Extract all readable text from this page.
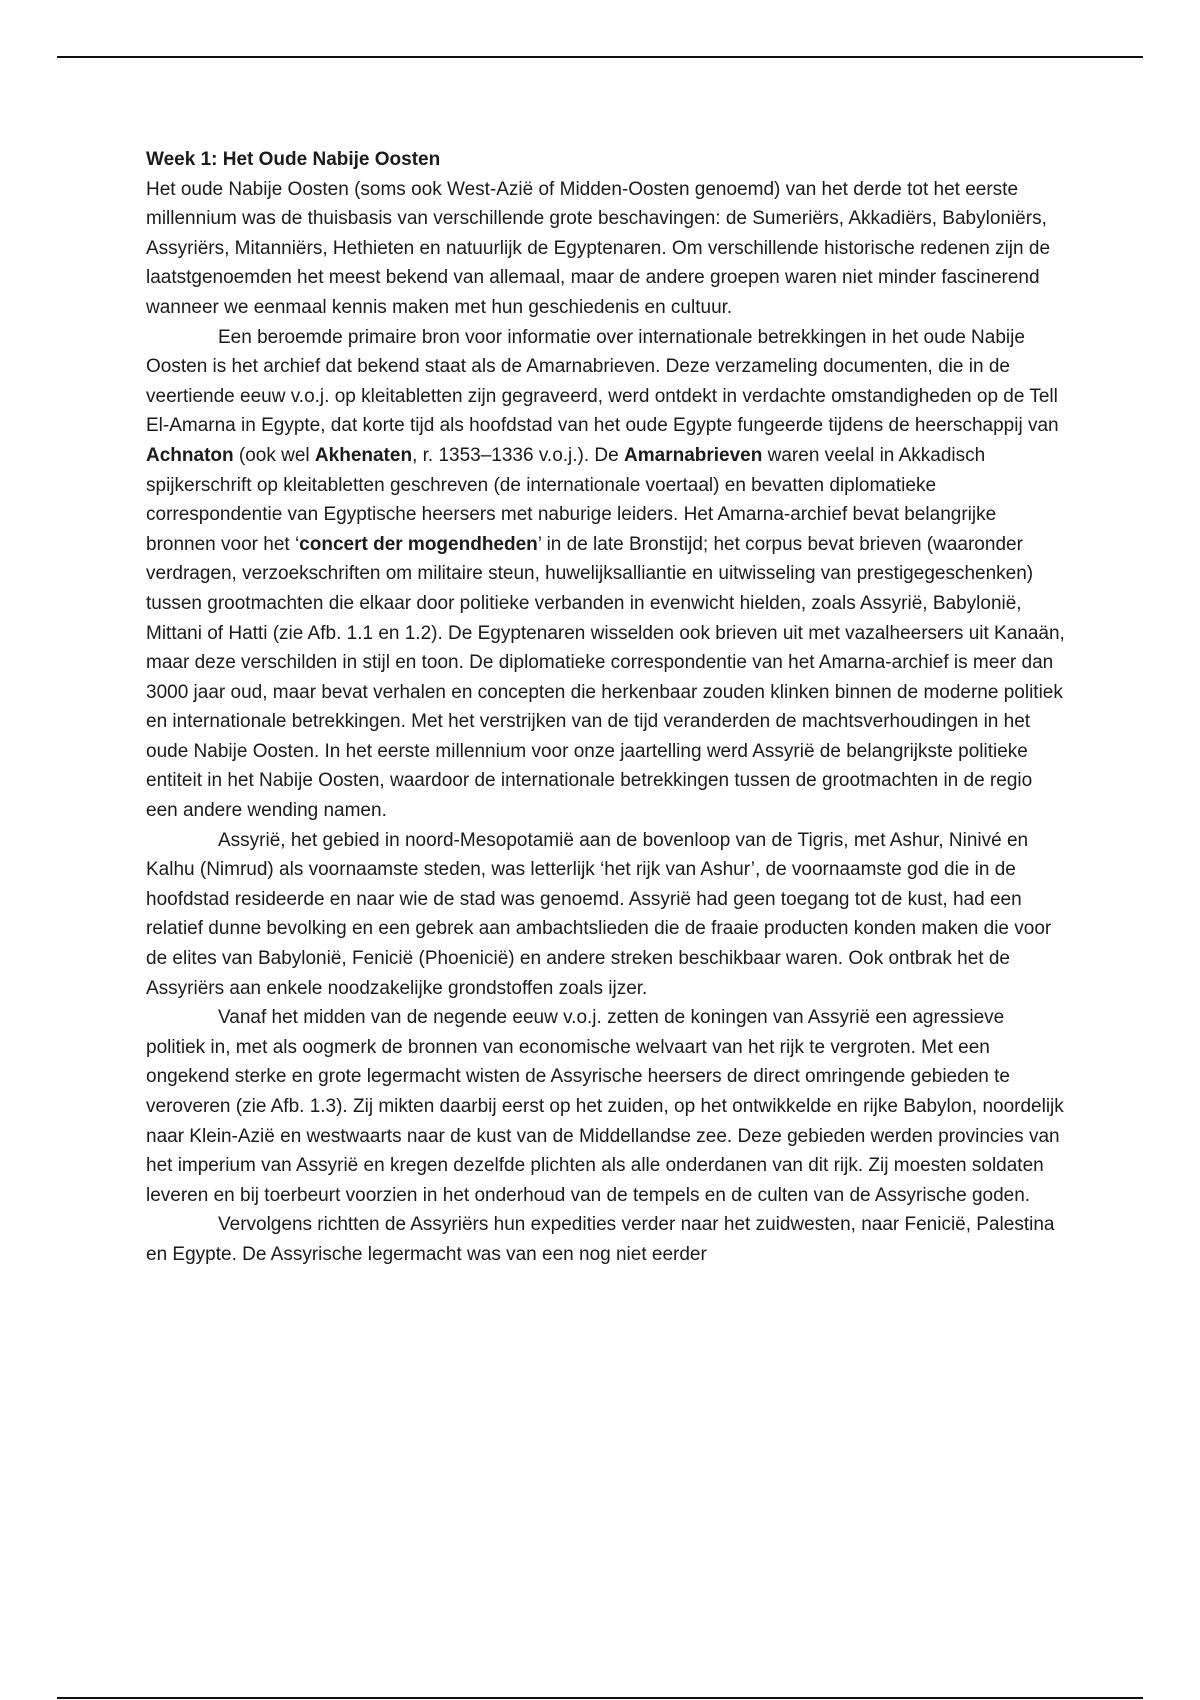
Week 1: Het Oude Nabije Oosten

Het oude Nabije Oosten (soms ook West-Azië of Midden-Oosten genoemd) van het derde tot het eerste millennium was de thuisbasis van verschillende grote beschavingen: de Sumeriërs, Akkadiërs, Babyloniërs, Assyriërs, Mitanniërs, Hethieten en natuurlijk de Egyptenaren. Om verschillende historische redenen zijn de laatstgenoemden het meest bekend van allemaal, maar de andere groepen waren niet minder fascinerend wanneer we eenmaal kennis maken met hun geschiedenis en cultuur.

Een beroemde primaire bron voor informatie over internationale betrekkingen in het oude Nabije Oosten is het archief dat bekend staat als de Amarnabrieven. Deze verzameling documenten, die in de veertiende eeuw v.o.j. op kleitabletten zijn gegraveerd, werd ontdekt in verdachte omstandigheden op de Tell El-Amarna in Egypte, dat korte tijd als hoofdstad van het oude Egypte fungeerde tijdens de heerschappij van Achnaton (ook wel Akhenaten, r. 1353–1336 v.o.j.). De Amarnabrieven waren veelal in Akkadisch spijkerschrift op kleitabletten geschreven (de internationale voertaal) en bevatten diplomatieke correspondentie van Egyptische heersers met naburige leiders. Het Amarna-archief bevat belangrijke bronnen voor het ‘concert der mogendheden’ in de late Bronstijd; het corpus bevat brieven (waaronder verdragen, verzoekschriften om militaire steun, huwelijksalliantie en uitwisseling van prestigegeschenken) tussen grootmachten die elkaar door politieke verbanden in evenwicht hielden, zoals Assyrië, Babylonië, Mittani of Hatti (zie Afb. 1.1 en 1.2). De Egyptenaren wisselden ook brieven uit met vazalheersers uit Kanaän, maar deze verschilden in stijl en toon. De diplomatieke correspondentie van het Amarna-archief is meer dan 3000 jaar oud, maar bevat verhalen en concepten die herkenbaar zouden klinken binnen de moderne politiek en internationale betrekkingen. Met het verstrijken van de tijd veranderden de machtsverhoudingen in het oude Nabije Oosten. In het eerste millennium voor onze jaartelling werd Assyrië de belangrijkste politieke entiteit in het Nabije Oosten, waardoor de internationale betrekkingen tussen de grootmachten in de regio een andere wending namen.

Assyrië, het gebied in noord-Mesopotamië aan de bovenloop van de Tigris, met Ashur, Ninivé en Kalhu (Nimrud) als voornaamste steden, was letterlijk ‘het rijk van Ashur’, de voornaamste god die in de hoofdstad resideerde en naar wie de stad was genoemd. Assyrië had geen toegang tot de kust, had een relatief dunne bevolking en een gebrek aan ambachtslieden die de fraaie producten konden maken die voor de elites van Babylonië, Fenicië (Phoenicië) en andere streken beschikbaar waren. Ook ontbrak het de Assyriërs aan enkele noodzakelijke grondstoffen zoals ijzer.

Vanaf het midden van de negende eeuw v.o.j. zetten de koningen van Assyrië een agressieve politiek in, met als oogmerk de bronnen van economische welvaart van het rijk te vergroten. Met een ongekend sterke en grote legermacht wisten de Assyrische heersers de direct omringende gebieden te veroveren (zie Afb. 1.3). Zij mikten daarbij eerst op het zuiden, op het ontwikkelde en rijke Babylon, noordelijk naar Klein-Azië en westwaarts naar de kust van de Middellandse zee. Deze gebieden werden provincies van het imperium van Assyrië en kregen dezelfde plichten als alle onderdanen van dit rijk. Zij moesten soldaten leveren en bij toerbeurt voorzien in het onderhoud van de tempels en de culten van de Assyrische goden.

Vervolgens richtten de Assyriërs hun expedities verder naar het zuidwesten, naar Fenicië, Palestina en Egypte. De Assyrische legermacht was van een nog niet eerder
